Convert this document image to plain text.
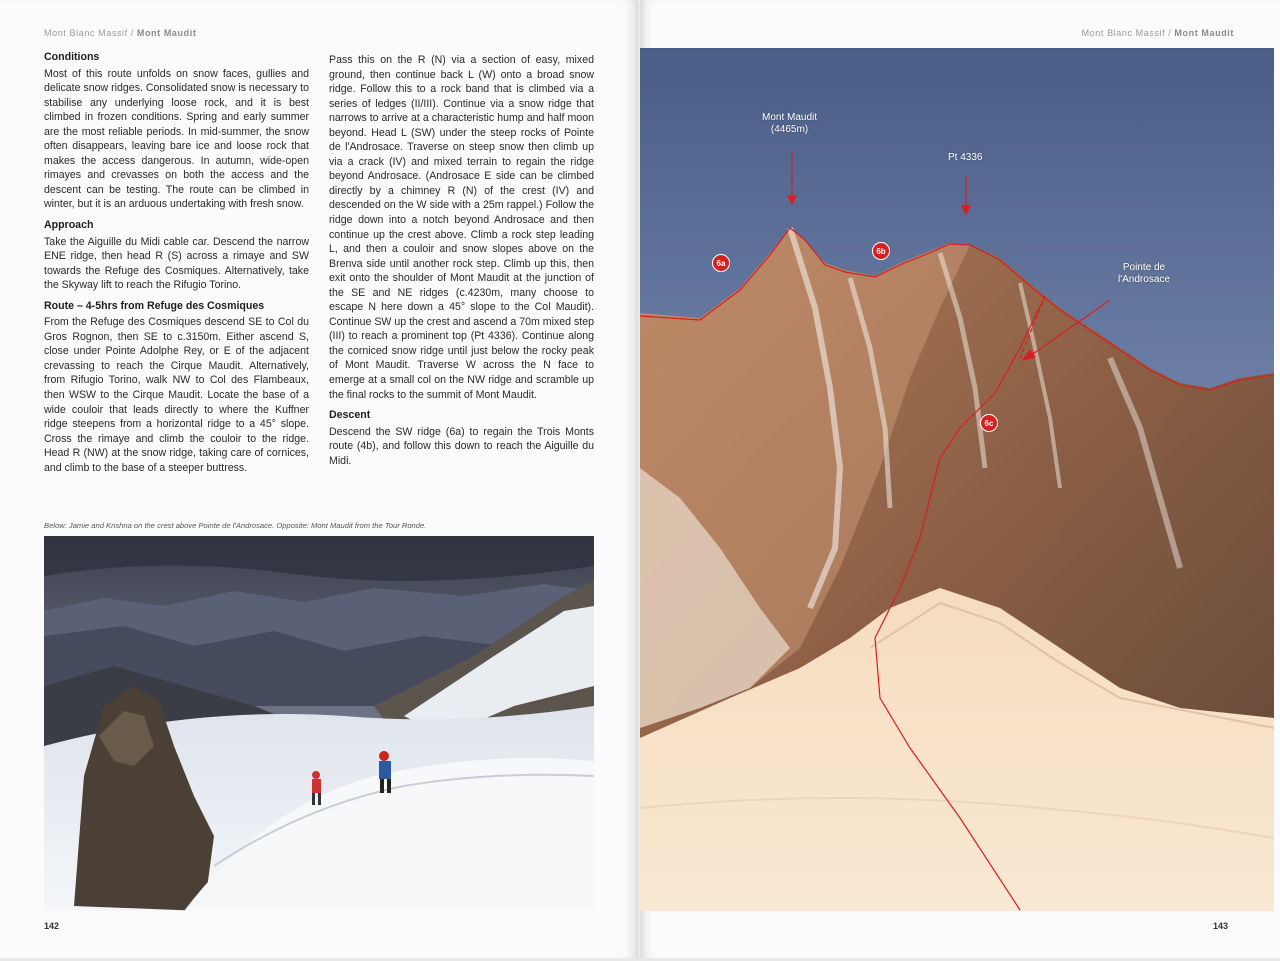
Mont Blanc Massif / Mont Maudit
Conditions

Most of this route unfolds on snow faces, gullies and delicate snow ridges. Consolidated snow is necessary to stabilise any underlying loose rock, and it is best climbed in frozen conditions. Spring and early summer are the most reliable periods. In mid-summer, the snow often disappears, leaving bare ice and loose rock that makes the access dangerous. In autumn, wide-open rimayes and crevasses on both the access and the descent can be testing. The route can be climbed in winter, but it is an arduous undertaking with fresh snow.

Approach

Take the Aiguille du Midi cable car. Descend the narrow ENE ridge, then head R (S) across a rimaye and SW towards the Refuge des Cosmiques. Alternatively, take the Skyway lift to reach the Rifugio Torino.

Route – 4-5hrs from Refuge des Cosmiques

From the Refuge des Cosmiques descend SE to Col du Gros Rognon, then SE to c.3150m. Either ascend S, close under Pointe Adolphe Rey, or E of the adjacent crevassing to reach the Cirque Maudit. Alternatively, from Rifugio Torino, walk NW to Col des Flambeaux, then WSW to the Cirque Maudit. Locate the base of a wide couloir that leads directly to where the Kuffner ridge steepens from a horizontal ridge to a 45° slope. Cross the rimaye and climb the couloir to the ridge. Head R (NW) at the snow ridge, taking care of cornices, and climb to the base of a steeper buttress.

Pass this on the R (N) via a section of easy, mixed ground, then continue back L (W) onto a broad snow ridge. Follow this to a rock band that is climbed via a series of ledges (II/III). Continue via a snow ridge that narrows to arrive at a characteristic hump and half moon beyond. Head L (SW) under the steep rocks of Pointe de l'Androsace. Traverse on steep snow then climb up via a crack (IV) and mixed terrain to regain the ridge beyond Androsace. (Androsace E side can be climbed directly by a chimney R (N) of the crest (IV) and descended on the W side with a 25m rappel.) Follow the ridge down into a notch beyond Androsace and then continue up the crest above. Climb a rock step leading L, and then a couloir and snow slopes above on the Brenva side until another rock step. Climb up this, then exit onto the shoulder of Mont Maudit at the junction of the SE and NE ridges (c.4230m, many choose to escape N here down a 45° slope to the Col Maudit). Continue SW up the crest and ascend a 70m mixed step (III) to reach a prominent top (Pt 4336). Continue along the corniced snow ridge until just below the rocky peak of Mont Maudit. Traverse W across the N face to emerge at a small col on the NW ridge and scramble up the final rocks to the summit of Mont Maudit.

Descent

Descend the SW ridge (6a) to regain the Trois Monts route (4b), and follow this down to reach the Aiguille du Midi.

Below: Jamie and Krishna on the crest above Pointe de l'Androsace. Opposite: Mont Maudit from the Tour Ronde.
142
Mont Blanc Massif / Mont Maudit
Mont Maudit
(4465m)
Pt 4336
Pointe de
l'Androsace
6a
6b
6c
143
